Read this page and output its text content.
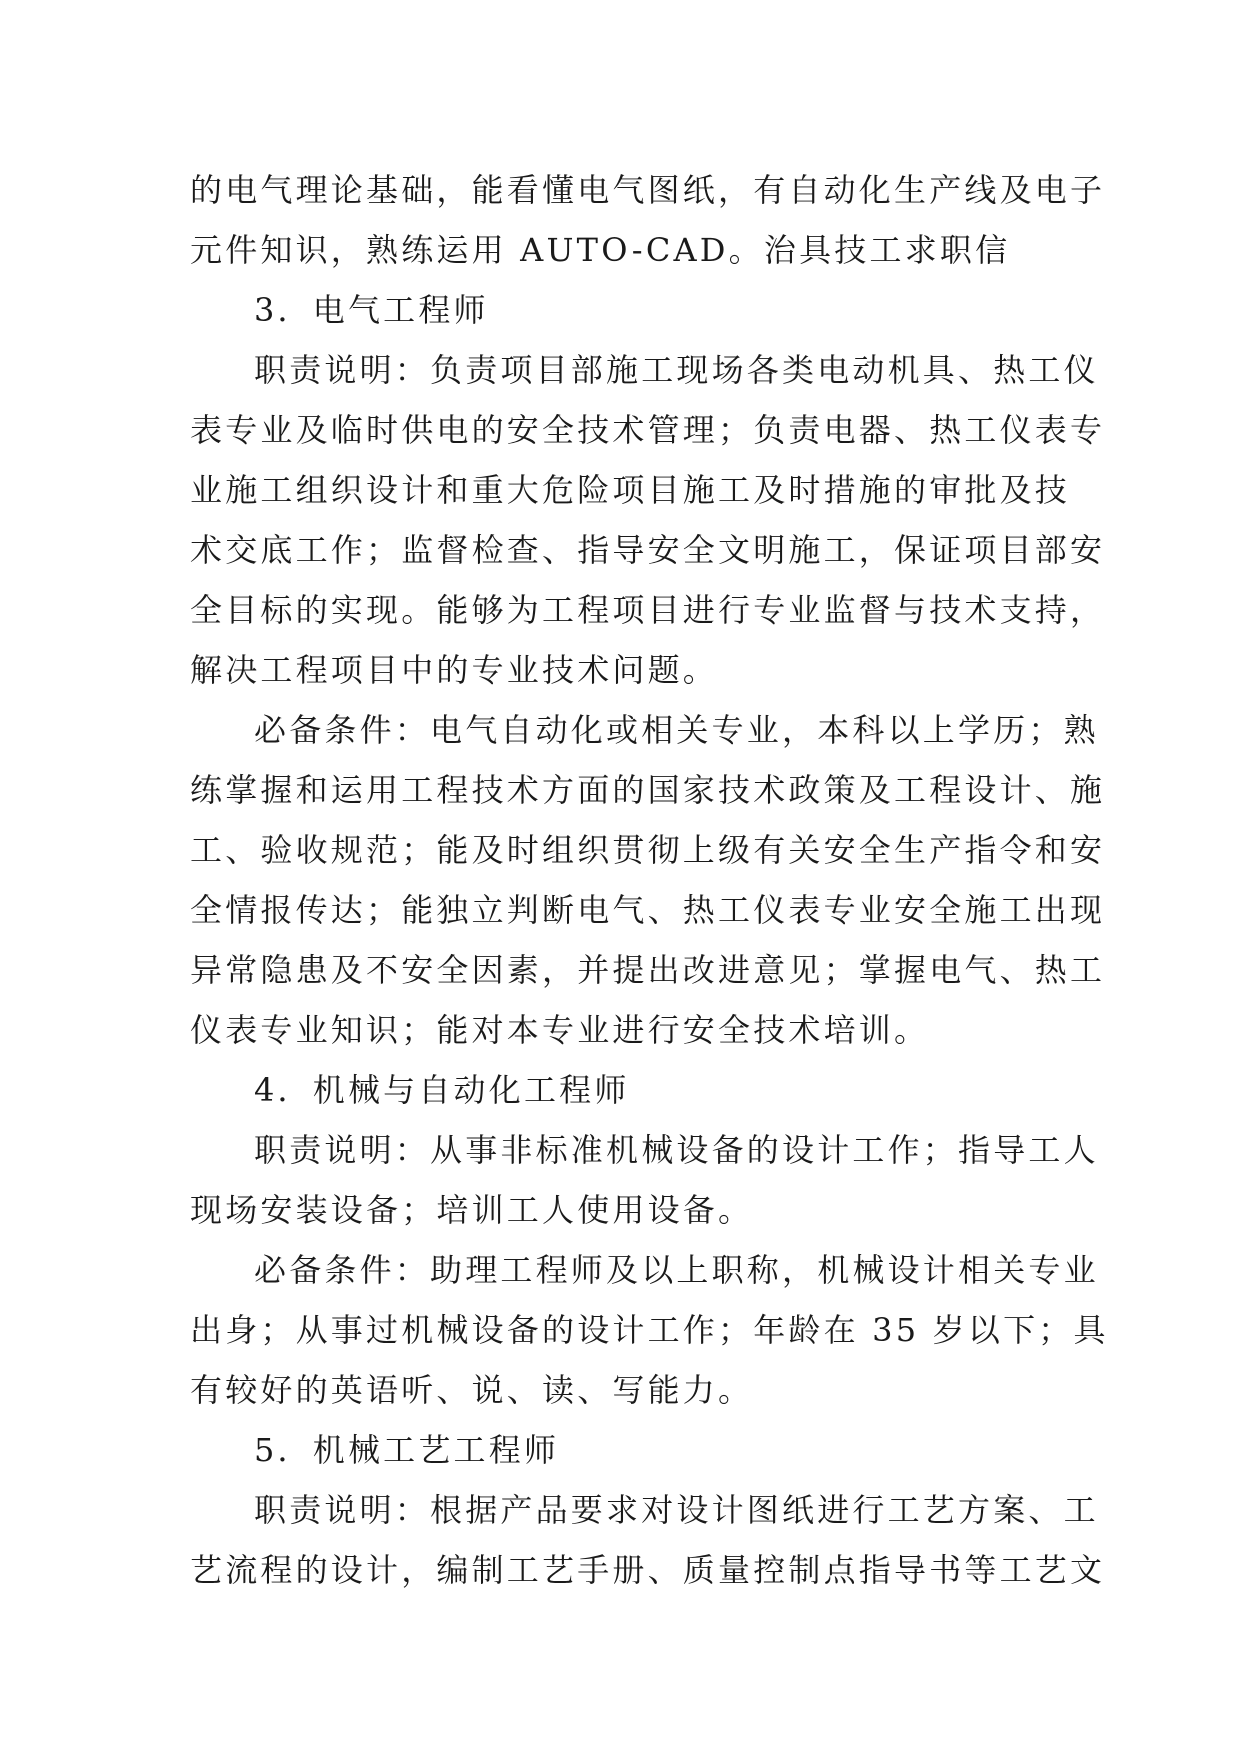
的电气理论基础，能看懂电气图纸，有自动化生产线及电子
元件知识，熟练运用 AUTO-CAD。治具技工求职信
3．电气工程师
职责说明：负责项目部施工现场各类电动机具、热工仪
表专业及临时供电的安全技术管理；负责电器、热工仪表专
业施工组织设计和重大危险项目施工及时措施的审批及技
术交底工作；监督检查、指导安全文明施工，保证项目部安
全目标的实现。能够为工程项目进行专业监督与技术支持，
解决工程项目中的专业技术问题。
必备条件：电气自动化或相关专业，本科以上学历；熟
练掌握和运用工程技术方面的国家技术政策及工程设计、施
工、验收规范；能及时组织贯彻上级有关安全生产指令和安
全情报传达；能独立判断电气、热工仪表专业安全施工出现
异常隐患及不安全因素，并提出改进意见；掌握电气、热工
仪表专业知识；能对本专业进行安全技术培训。
4．机械与自动化工程师
职责说明：从事非标准机械设备的设计工作；指导工人
现场安装设备；培训工人使用设备。
必备条件：助理工程师及以上职称，机械设计相关专业
出身；从事过机械设备的设计工作；年龄在 35 岁以下；具
有较好的英语听、说、读、写能力。
5．机械工艺工程师
职责说明：根据产品要求对设计图纸进行工艺方案、工
艺流程的设计，编制工艺手册、质量控制点指导书等工艺文
